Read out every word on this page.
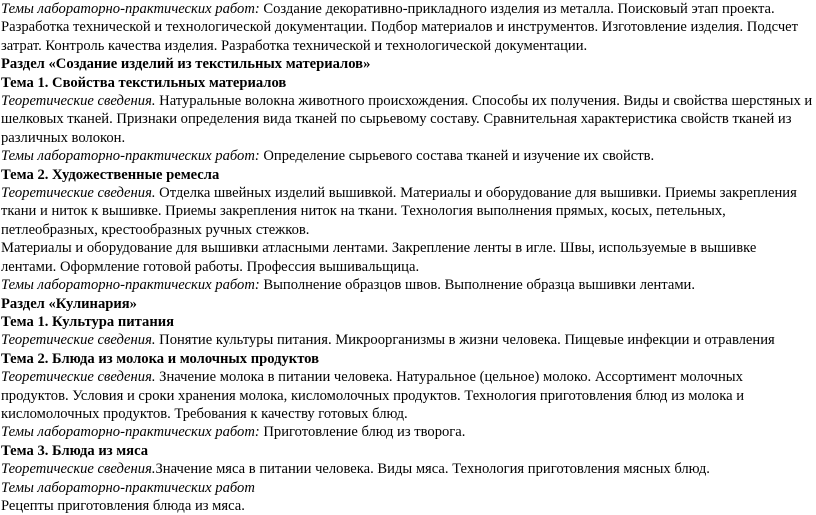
Темы лабораторно-практических работ: Создание декоративно-прикладного изделия из металла. Поисковый этап проекта. Разработка технической и технологической документации. Подбор материалов и инструментов. Изготовление изделия. Подсчет затрат. Контроль качества изделия. Разработка технической и технологической документации.

Раздел «Создание изделий из текстильных материалов»

Тема 1. Свойства текстильных материалов

Теоретические сведения. Натуральные волокна животного происхождения. Способы их получения. Виды и свойства шерстяных и шелковых тканей. Признаки определения вида тканей по сырьевому составу. Сравнительная характеристика свойств тканей из различных волокон.

Темы лабораторно-практических работ: Определение сырьевого состава тканей и изучение их свойств.

Тема 2. Художественные ремесла

Теоретические сведения. Отделка швейных изделий вышивкой. Материалы и оборудование для вышивки. Приемы закрепления ткани и ниток к вышивке. Приемы закрепления ниток на ткани. Технология выполнения прямых, косых, петельных, петлеобразных, крестообразных ручных стежков.

Материалы и оборудование для вышивки атласными лентами. Закрепление ленты в игле. Швы, используемые в вышивке лентами. Оформление готовой работы. Профессия вышивальщица.

Темы лабораторно-практических работ: Выполнение образцов швов. Выполнение образца вышивки лентами.

Раздел «Кулинария»

Тема 1. Культура питания

Теоретические сведения. Понятие культуры питания. Микроорганизмы в жизни человека. Пищевые инфекции и отравления

Тема 2. Блюда из молока и молочных продуктов

Теоретические сведения. Значение молока в питании человека. Натуральное (цельное) молоко. Ассортимент молочных продуктов. Условия и сроки хранения молока, кисломолочных продуктов. Технология приготовления блюд из молока и кисломолочных продуктов. Требования к качеству готовых блюд.

Темы лабораторно-практических работ: Приготовление блюд из творога.

Тема 3. Блюда из мяса

Теоретические сведения.Значение мяса в питании человека. Виды мяса. Технология приготовления мясных блюд.

Темы лабораторно-практических работ

Рецепты приготовления блюда из мяса.
